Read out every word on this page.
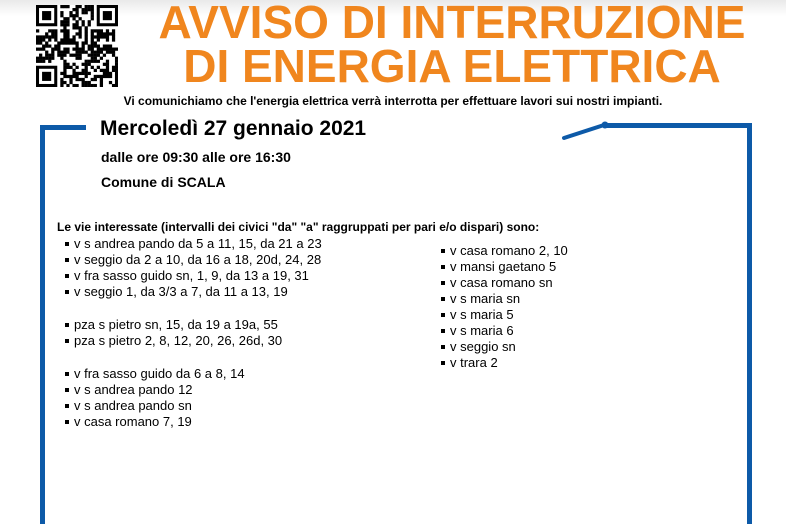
AVVISO DI INTERRUZIONE
DI ENERGIA ELETTRICA
Vi comunichiamo che l'energia elettrica verrà interrotta per effettuare lavori sui nostri impianti.
Mercoledì 27 gennaio 2021
dalle ore 09:30 alle ore 16:30
Comune di SCALA
Le vie interessate (intervalli dei civici "da" "a" raggruppati per pari e/o dispari) sono:
v s andrea pando da 5 a 11, 15, da 21 a 23
v seggio da 2 a 10, da 16 a 18, 20d, 24, 28
v fra sasso guido sn, 1, 9, da 13 a 19, 31
v seggio 1, da 3/3 a 7, da 11 a 13, 19
pza s pietro sn, 15, da 19 a 19a, 55
pza s pietro 2, 8, 12, 20, 26, 26d, 30
v fra sasso guido da 6 a 8, 14
v s andrea pando 12
v s andrea pando sn
v casa romano 7, 19
v casa romano 2, 10
v mansi gaetano 5
v casa romano sn
v s maria sn
v s maria 5
v s maria 6
v seggio sn
v trara 2
